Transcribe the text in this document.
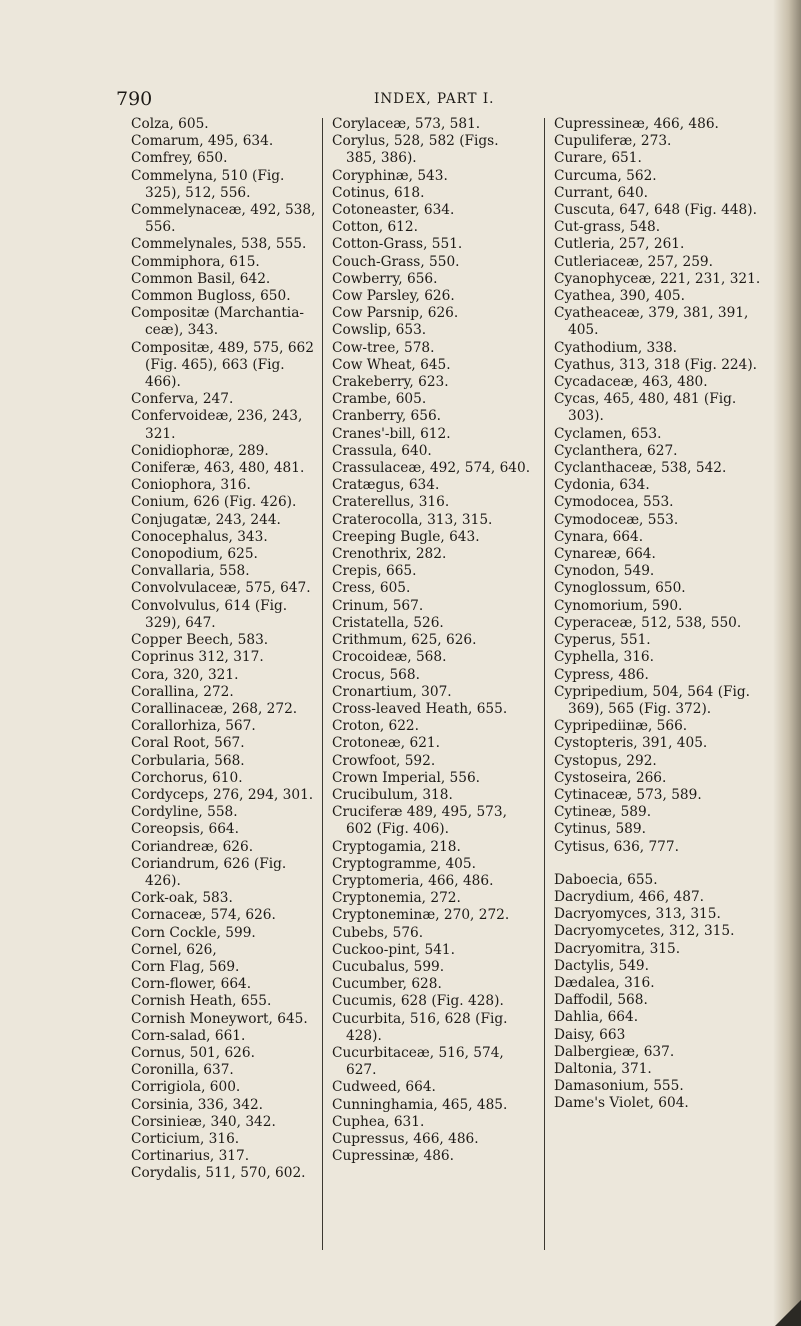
790	INDEX, PART I.
Colza, 605.
Comarum, 495, 634.
Comfrey, 650.
Commelyna, 510 (Fig. 325), 512, 556.
Commelynaceæ, 492, 538, 556.
Commelynales, 538, 555.
Commiphora, 615.
Common Basil, 642.
Common Bugloss, 650.
Compositæ (Marchantia-ceæ), 343.
Compositæ, 489, 575, 662 (Fig. 465), 663 (Fig. 466).
Conferva, 247.
Confervoideæ, 236, 243, 321.
Conidiophoræ, 289.
Coniferæ, 463, 480, 481.
Coniophora, 316.
Conium, 626 (Fig. 426).
Conjugatæ, 243, 244.
Conocephalus, 343.
Conopodium, 625.
Convallaria, 558.
Convolvulaceæ, 575, 647.
Convolvulus, 614 (Fig. 329), 647.
Copper Beech, 583.
Coprinus 312, 317.
Cora, 320, 321.
Corallina, 272.
Corallinaceæ, 268, 272.
Corallorhiza, 567.
Coral Root, 567.
Corbularia, 568.
Corchorus, 610.
Cordyceps, 276, 294, 301.
Cordyline, 558.
Coreopsis, 664.
Coriandreæ, 626.
Coriandrum, 626 (Fig. 426).
Cork-oak, 583.
Cornaceæ, 574, 626.
Corn Cockle, 599.
Cornel, 626,
Corn Flag, 569.
Corn-flower, 664.
Cornish Heath, 655.
Cornish Moneywort, 645.
Corn-salad, 661.
Cornus, 501, 626.
Coronilla, 637.
Corrigiola, 600.
Corsinia, 336, 342.
Corsinieæ, 340, 342.
Corticium, 316.
Cortinarius, 317.
Corydalis, 511, 570, 602.
Corylaceæ, 573, 581.
Corylus, 528, 582 (Figs. 385, 386).
Coryphinæ, 543.
Cotinus, 618.
Cotoneaster, 634.
Cotton, 612.
Cotton-Grass, 551.
Couch-Grass, 550.
Cowberry, 656.
Cow Parsley, 626.
Cow Parsnip, 626.
Cowslip, 653.
Cow-tree, 578.
Cow Wheat, 645.
Crakeberry, 623.
Crambe, 605.
Cranberry, 656.
Cranes'-bill, 612.
Crassula, 640.
Crassulaceæ, 492, 574, 640.
Cratægus, 634.
Craterellus, 316.
Craterocolla, 313, 315.
Creeping Bugle, 643.
Crenothrix, 282.
Crepis, 665.
Cress, 605.
Crinum, 567.
Cristatella, 526.
Crithmum, 625, 626.
Crocoideæ, 568.
Crocus, 568.
Cronartium, 307.
Cross-leaved Heath, 655.
Croton, 622.
Crotoneæ, 621.
Crowfoot, 592.
Crown Imperial, 556.
Crucibulum, 318.
Cruciferæ 489, 495, 573, 602 (Fig. 406).
Cryptogamia, 218.
Cryptogramme, 405.
Cryptomeria, 466, 486.
Cryptonemia, 272.
Cryptoneminæ, 270, 272.
Cubebs, 576.
Cuckoo-pint, 541.
Cucubalus, 599.
Cucumber, 628.
Cucumis, 628 (Fig. 428).
Cucurbita, 516, 628 (Fig. 428).
Cucurbitaceæ, 516, 574, 627.
Cudweed, 664.
Cunninghamia, 465, 485.
Cuphea, 631.
Cupressus, 466, 486.
Cupressinæ, 486.
Cupressineæ, 466, 486.
Cupuliferæ, 273.
Curare, 651.
Curcuma, 562.
Currant, 640.
Cuscuta, 647, 648 (Fig. 448).
Cut-grass, 548.
Cutleria, 257, 261.
Cutleriaceæ, 257, 259.
Cyanophyceæ, 221, 231, 321.
Cyathea, 390, 405.
Cyatheaceæ, 379, 381, 391, 405.
Cyathodium, 338.
Cyathus, 313, 318 (Fig. 224).
Cycadaceæ, 463, 480.
Cycas, 465, 480, 481 (Fig. 303).
Cyclamen, 653.
Cyclanthera, 627.
Cyclanthaceæ, 538, 542.
Cydonia, 634.
Cymodocea, 553.
Cymodoceæ, 553.
Cynara, 664.
Cynareæ, 664.
Cynodon, 549.
Cynoglossum, 650.
Cynomorium, 590.
Cyperaceæ, 512, 538, 550.
Cyperus, 551.
Cyphella, 316.
Cypress, 486.
Cypripedium, 504, 564 (Fig. 369), 565 (Fig. 372).
Cypripediinæ, 566.
Cystopteris, 391, 405.
Cystopus, 292.
Cystoseira, 266.
Cytinaceæ, 573, 589.
Cytineæ, 589.
Cytinus, 589.
Cytisus, 636, 777.
Daboecia, 655.
Dacrydium, 466, 487.
Dacryomyces, 313, 315.
Dacryomycetes, 312, 315.
Dacryomitra, 315.
Dactylis, 549.
Dædalea, 316.
Daffodil, 568.
Dahlia, 664.
Daisy, 663
Dalbergieæ, 637.
Daltonia, 371.
Damasonium, 555.
Dame's Violet, 604.
